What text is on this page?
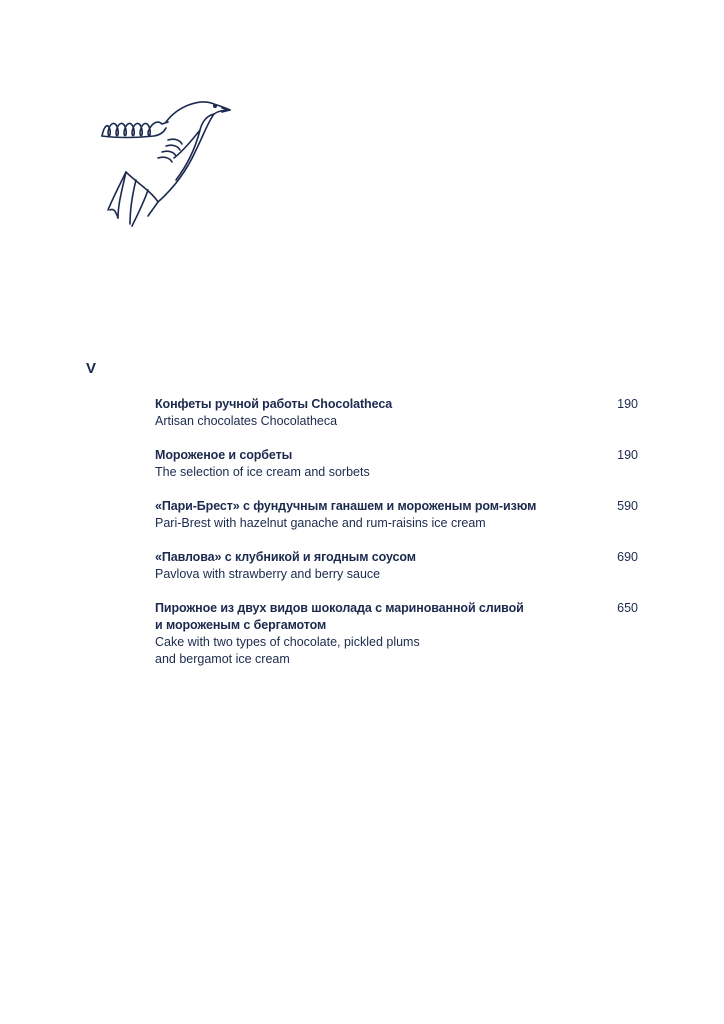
V
Конфеты ручной работы Chocolatheca
Artisan chocolates Chocolatheca
190
Мороженое и сорбеты
The selection of ice cream and sorbets
190
«Пари-Брест» с фундучным ганашем и мороженым ром-изюм
Pari-Brest with hazelnut ganache and rum-raisins ice cream
590
«Павлова» с клубникой и ягодным соусом
Pavlova with strawberry and berry sauce
690
Пирожное из двух видов шоколада с маринованной сливой
и мороженым с бергамотом
Cake with two types of chocolate, pickled plums
and bergamot ice cream
650
